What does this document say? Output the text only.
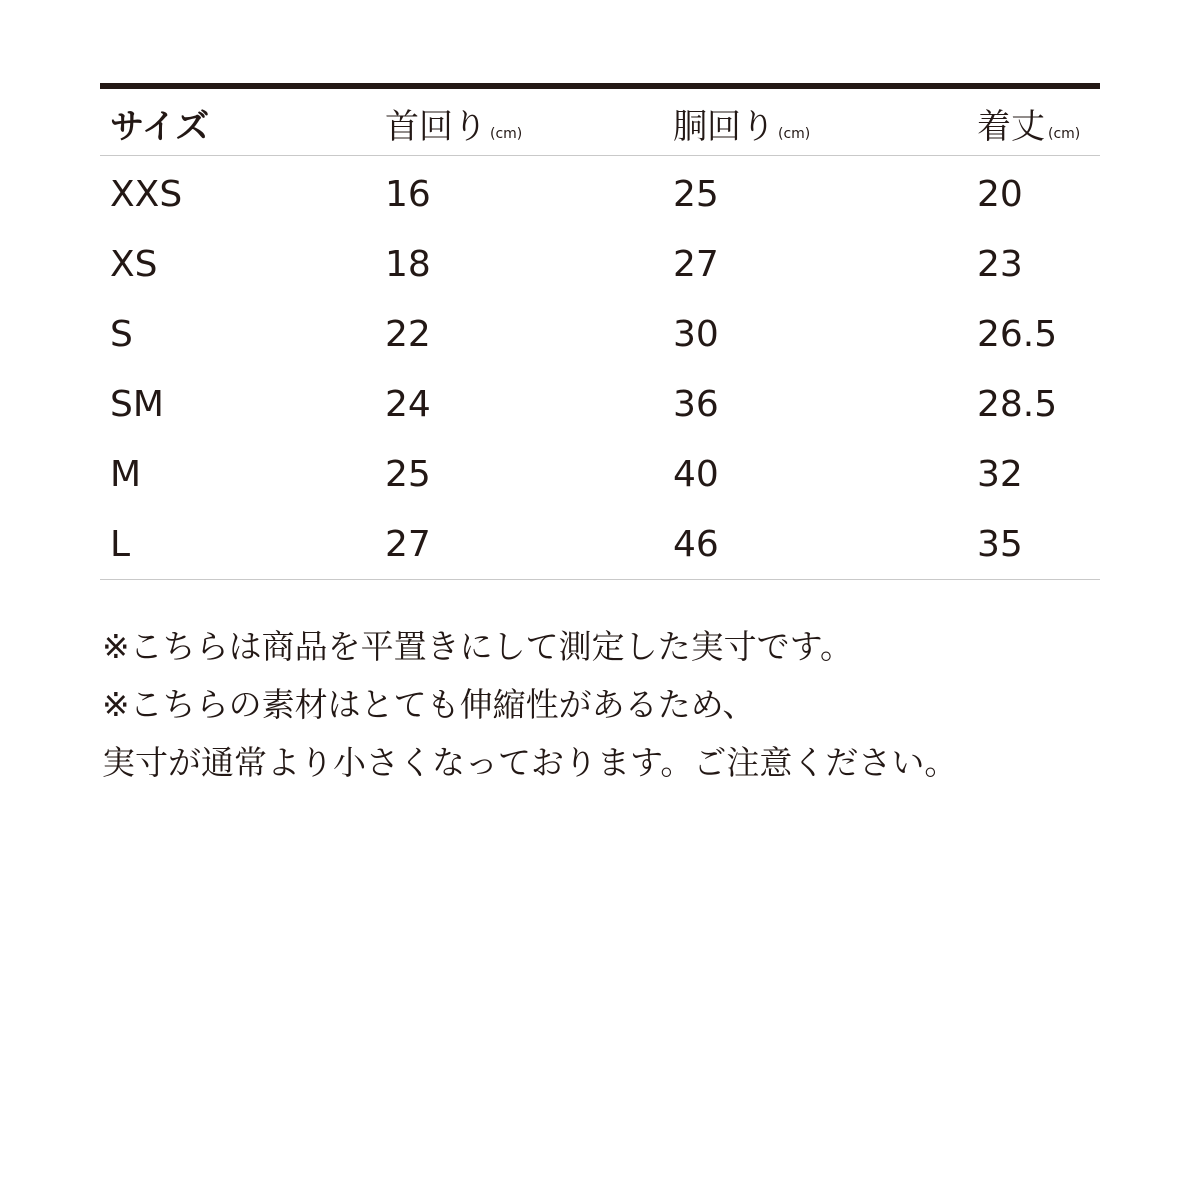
サイズ	首回り (cm)	胴回り (cm)	着丈 (cm)
XXS	16	25	20
XS	18	27	23
S	22	30	26.5
SM	24	36	28.5
M	25	40	32
L	27	46	35
※こちらは商品を平置きにして測定した実寸です。
※こちらの素材はとても伸縮性があるため、
実寸が通常より小さくなっております。ご注意ください。
